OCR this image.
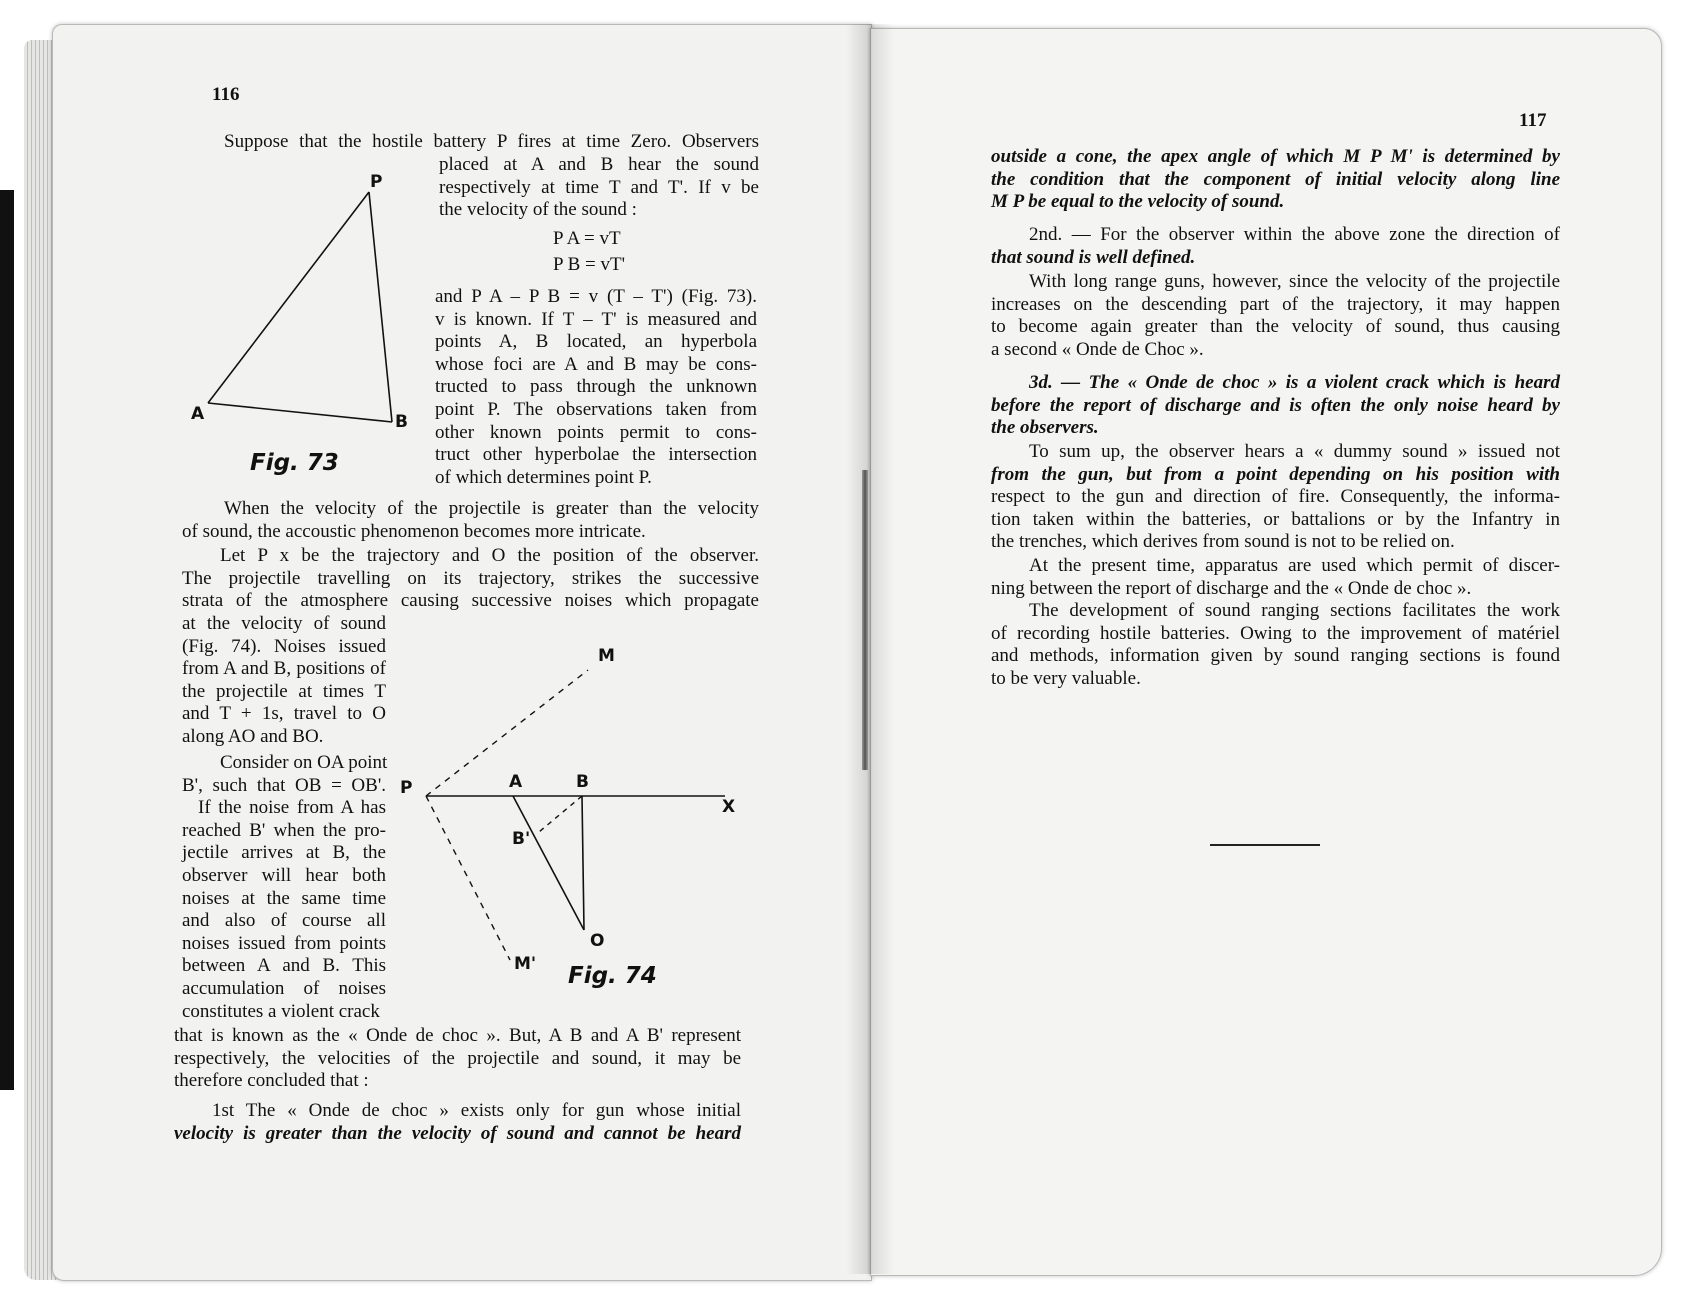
116
Suppose that the hostile battery P fires at time Zero. Observers
placed at A and B hear the sound
respectively at time T and T'. If v be
the velocity of the sound :
P A = vT
P B = vT'
and P A – P B = v (T – T') (Fig. 73).
v is known. If T – T' is measured and
points A, B located, an hyperbola
whose foci are A and B may be cons-
tructed to pass through the unknown
point P. The observations taken from
other known points permit to cons-
truct other hyperbolae the intersection
of which determines point P.
P
A	B
Fig. 73
When the velocity of the projectile is greater than the velocity
of sound, the accoustic phenomenon becomes more intricate.
Let P x be the trajectory and O the position of the observer.
The projectile travelling on its trajectory, strikes the successive
strata of the atmosphere causing successive noises which propagate
at the velocity of sound
(Fig. 74). Noises issued
from A and B, positions of
the projectile at times T
and T + 1s, travel to O
along AO and BO.
Consider on OA point
B', such that OB = OB'.
If the noise from A has
reached B' when the pro-
jectile arrives at B, the
observer will hear both
noises at the same time
and also of course all
noises issued from points
between A and B. This
accumulation of noises
constitutes a violent crack
M
P	A	B
X
B'
O
M' Fig. 74
that is known as the « Onde de choc ». But, A B and A B' represent
respectively, the velocities of the projectile and sound, it may be
therefore concluded that :
1st The « Onde de choc » exists only for gun whose initial
velocity is greater than the velocity of sound and cannot be heard
117
outside a cone, the apex angle of which M P M' is determined by
the condition that the component of initial velocity along line
M P be equal to the velocity of sound.
2nd. — For the observer within the above zone the direction of
that sound is well defined.
With long range guns, however, since the velocity of the projectile
increases on the descending part of the trajectory, it may happen
to become again greater than the velocity of sound, thus causing
a second « Onde de Choc ».
3d. — The « Onde de choc » is a violent crack which is heard
before the report of discharge and is often the only noise heard by
the observers.
To sum up, the observer hears a « dummy sound » issued not
from the gun, but from a point depending on his position with
respect to the gun and direction of fire. Consequently, the informa-
tion taken within the batteries, or battalions or by the Infantry in
the trenches, which derives from sound is not to be relied on.
At the present time, apparatus are used which permit of discer-
ning between the report of discharge and the « Onde de choc ».
The development of sound ranging sections facilitates the work
of recording hostile batteries. Owing to the improvement of matériel
and methods, information given by sound ranging sections is found
to be very valuable.
